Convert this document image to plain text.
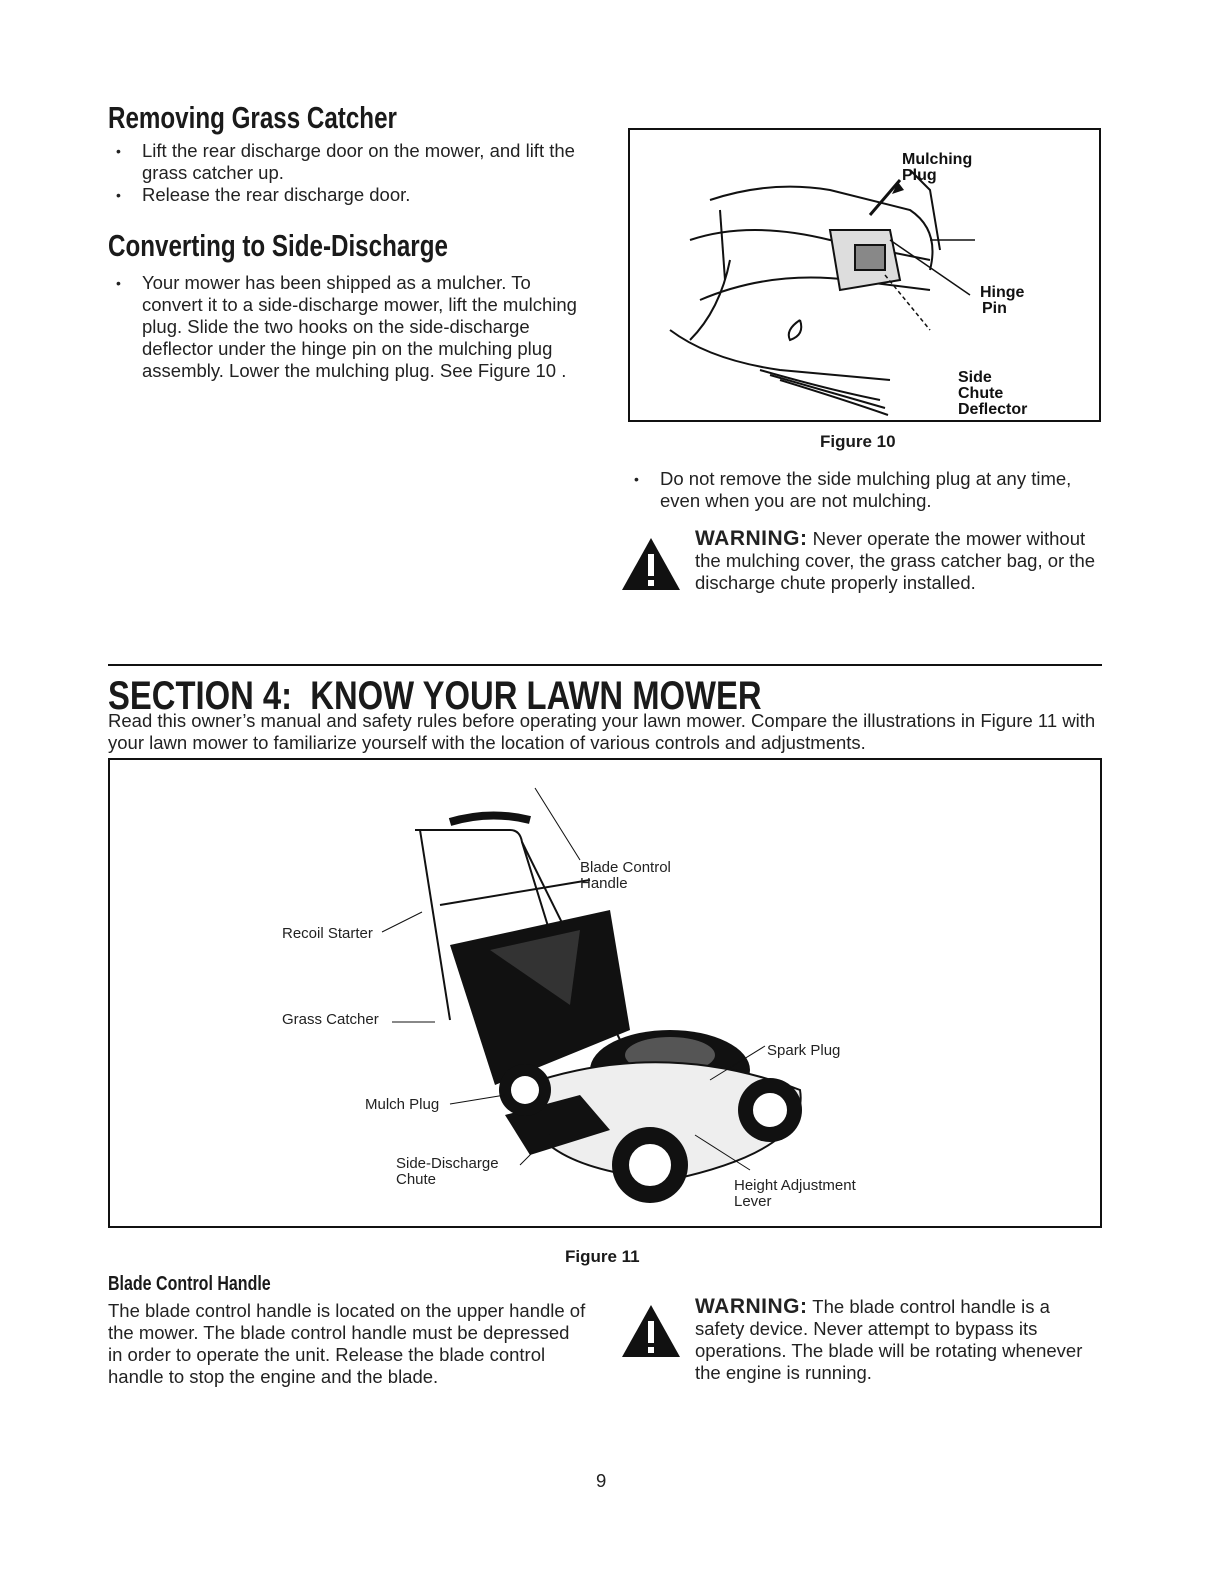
Removing Grass Catcher
• Lift the rear discharge door on the mower, and lift the grass catcher up.
• Release the rear discharge door.
Converting to Side-Discharge
• Your mower has been shipped as a mulcher. To convert it to a side-discharge mower, lift the mulching plug. Slide the two hooks on the side-discharge deflector under the hinge pin on the mulching plug assembly. Lower the mulching plug. See Figure 10 .
Mulching
Plug
Hinge
Pin
Side
Chute
Deflector
Figure 10
• Do not remove the side mulching plug at any time, even when you are not mulching.
WARNING: Never operate the mower without the mulching cover, the grass catcher bag, or the discharge chute properly installed.
SECTION 4:  KNOW YOUR LAWN MOWER
Read this owner’s manual and safety rules before operating your lawn mower. Compare the illustrations in Figure 11 with your lawn mower to familiarize yourself with the location of various controls and adjustments.
Blade Control
Handle
Recoil Starter
Grass Catcher
Spark Plug
Mulch Plug
Side-Discharge
Chute	Height Adjustment
Lever
Figure 11
Blade Control Handle
The blade control handle is located on the upper handle of the mower. The blade control handle must be depressed in order to operate the unit. Release the blade control handle to stop the engine and the blade.
WARNING: The blade control handle is a safety device. Never attempt to bypass its operations. The blade will be rotating whenever the engine is running.
9
